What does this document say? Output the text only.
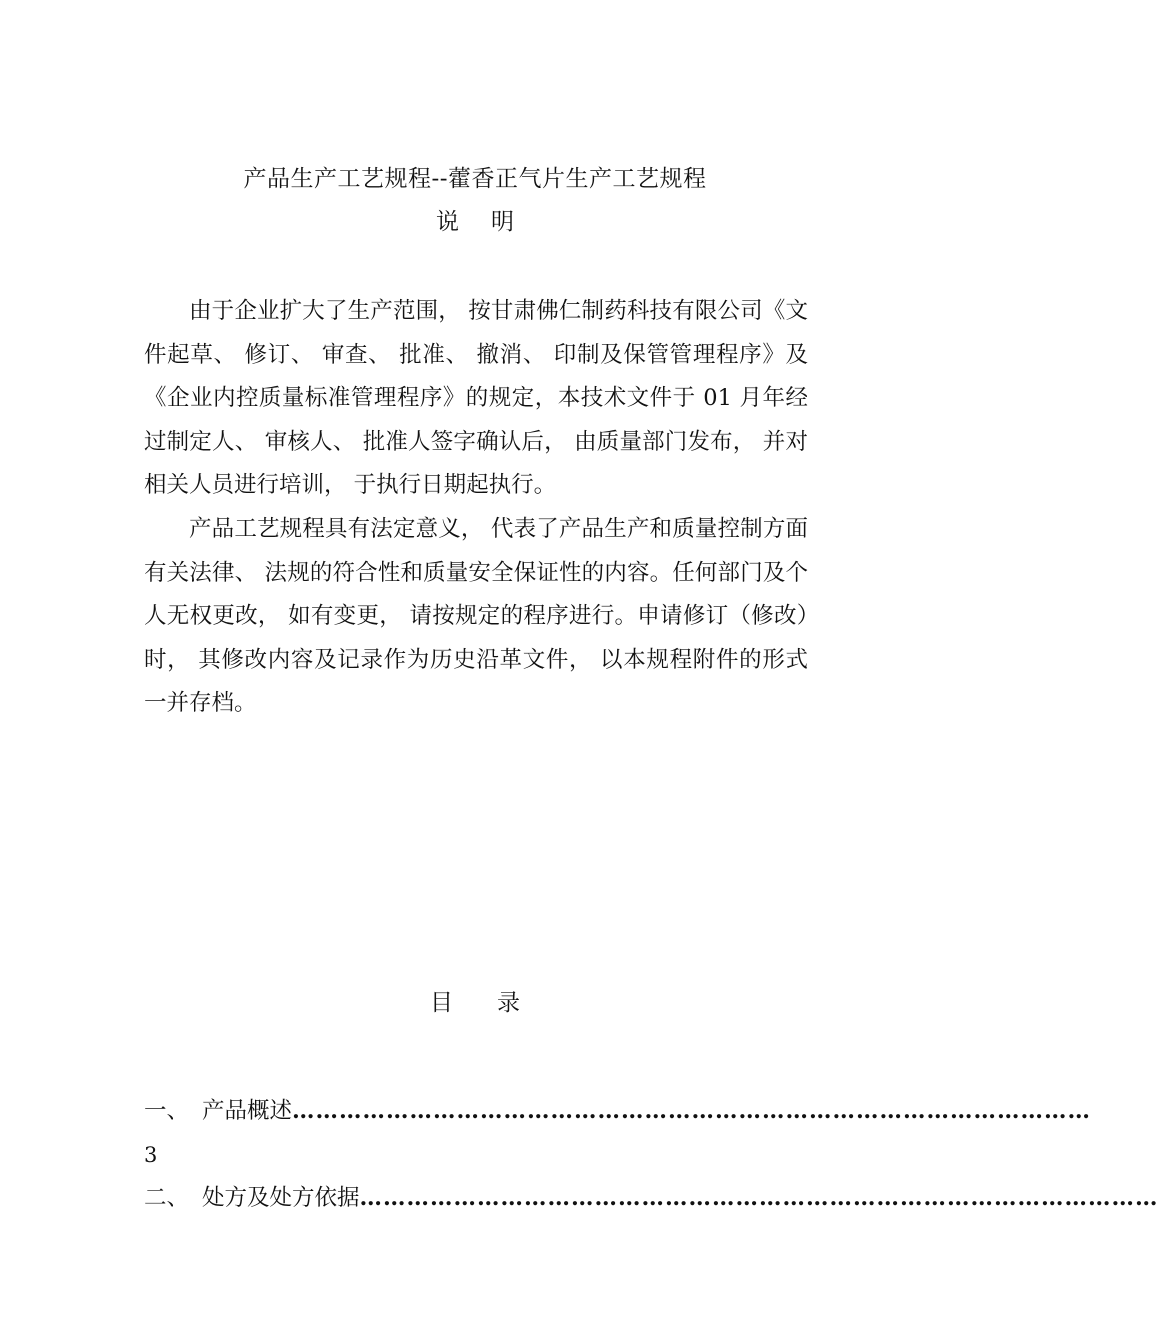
产品生产工艺规程--藿香正气片生产工艺规程
说 明

由于企业扩大了生产范围， 按甘肃佛仁制药科技有限公司《文件起草、 修订、 审查、 批准、 撤消、 印制及保管管理程序》及《企业内控质量标准管理程序》的规定，本技术文件于 01 月年经过制定人、 审核人、 批准人签字确认后， 由质量部门发布， 并对相关人员进行培训， 于执行日期起执行。

产品工艺规程具有法定意义， 代表了产品生产和质量控制方面有关法律、 法规的符合性和质量安全保证性的内容。任何部门及个人无权更改， 如有变更， 请按规定的程序进行。申请修订（修改）时， 其修改内容及记录作为历史沿革文件， 以本规程附件的形式一并存档。

目 录
一、 产品概述 …………………………………………………………………………………………
3
二、 处方及处方依据 …………………………………………………………………………………………
